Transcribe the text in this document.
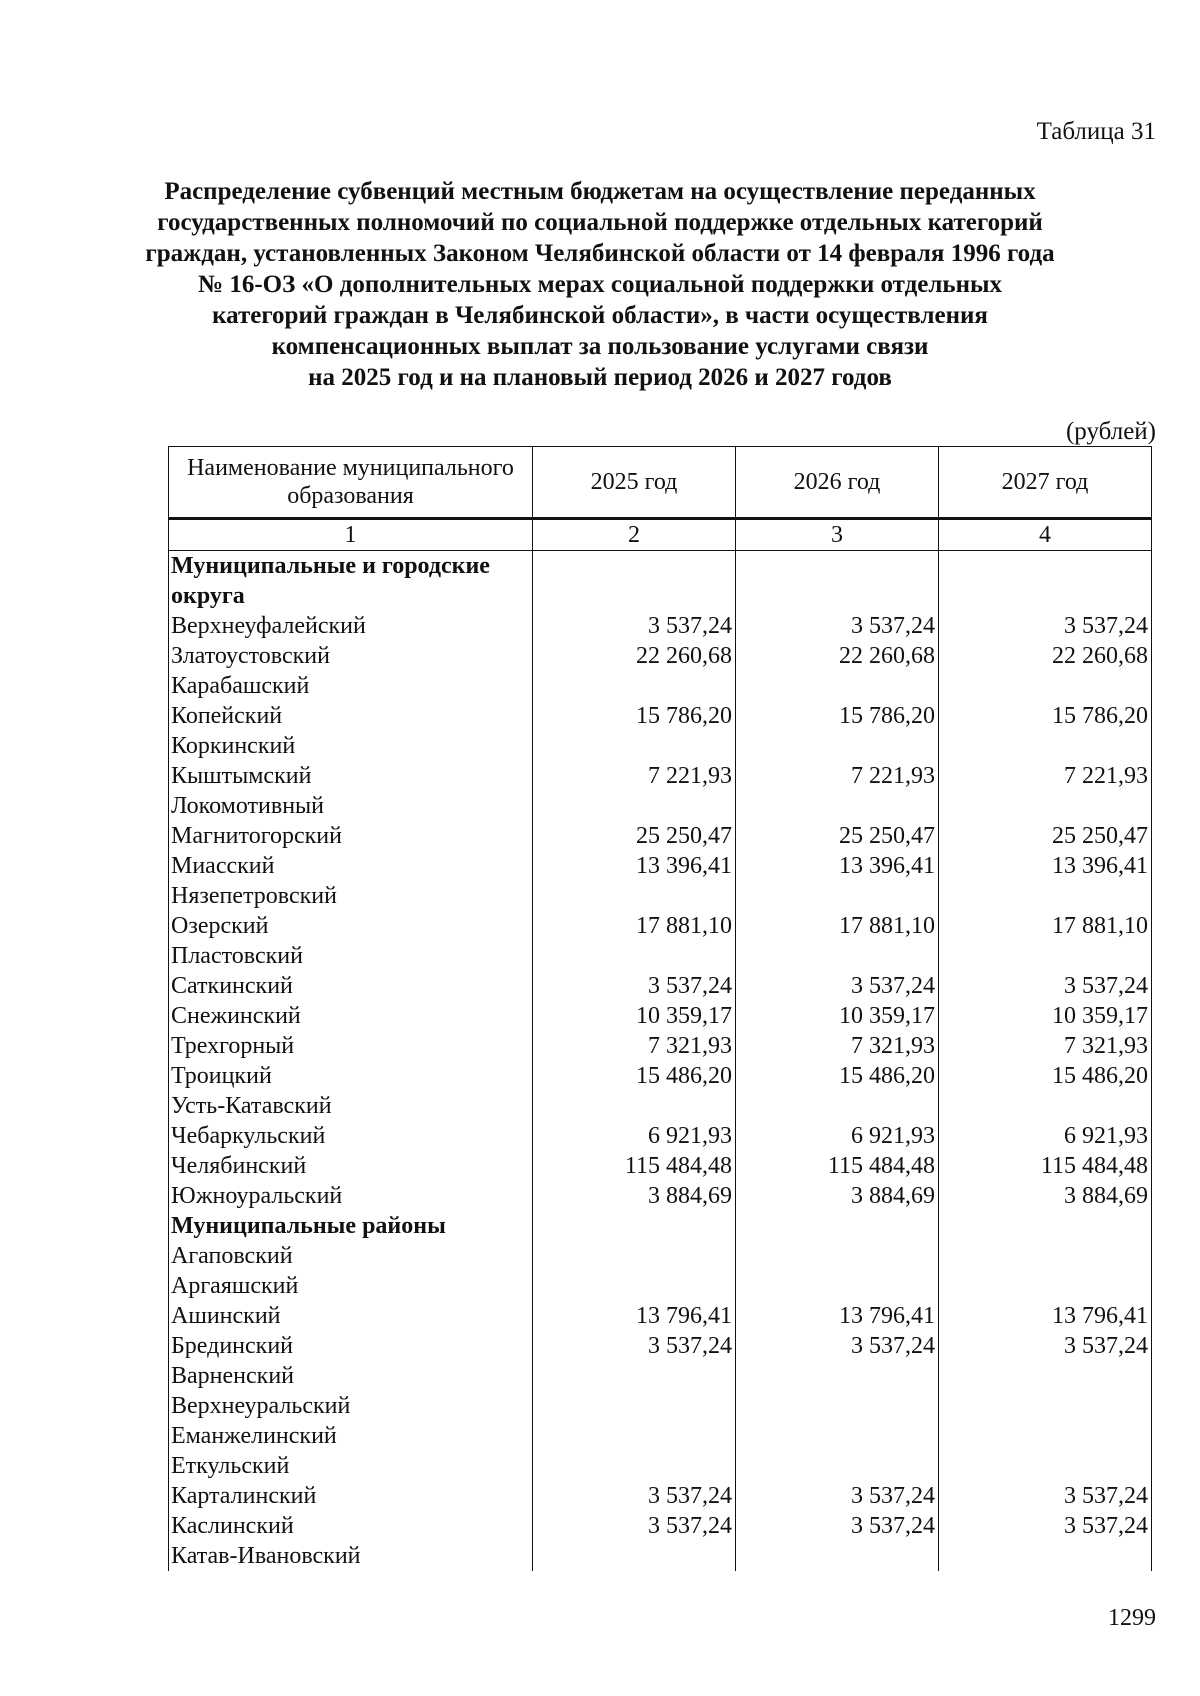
Таблица 31
Распределение субвенций местным бюджетам на осуществление переданных
государственных полномочий по социальной поддержке отдельных категорий
граждан, установленных Законом Челябинской области от 14 февраля 1996 года
№ 16-ОЗ «О дополнительных мерах социальной поддержки отдельных
категорий граждан в Челябинской области», в части осуществления
компенсационных выплат за пользование услугами связи
на 2025 год и на плановый период 2026 и 2027 годов
(рублей)
Наименование муниципального образования	2025 год	2026 год	2027 год
1	2	3	4
Муниципальные и городские округа			
Верхнеуфалейский	3 537,24	3 537,24	3 537,24
Златоустовский	22 260,68	22 260,68	22 260,68
Карабашский			
Копейский	15 786,20	15 786,20	15 786,20
Коркинский			
Кыштымский	7 221,93	7 221,93	7 221,93
Локомотивный			
Магнитогорский	25 250,47	25 250,47	25 250,47
Миасский	13 396,41	13 396,41	13 396,41
Нязепетровский			
Озерский	17 881,10	17 881,10	17 881,10
Пластовский			
Саткинский	3 537,24	3 537,24	3 537,24
Снежинский	10 359,17	10 359,17	10 359,17
Трехгорный	7 321,93	7 321,93	7 321,93
Троицкий	15 486,20	15 486,20	15 486,20
Усть-Катавский			
Чебаркульский	6 921,93	6 921,93	6 921,93
Челябинский	115 484,48	115 484,48	115 484,48
Южноуральский	3 884,69	3 884,69	3 884,69
Муниципальные районы			
Агаповский			
Аргаяшский			
Ашинский	13 796,41	13 796,41	13 796,41
Брединский	3 537,24	3 537,24	3 537,24
Варненский			
Верхнеуральский			
Еманжелинский			
Еткульский			
Карталинский	3 537,24	3 537,24	3 537,24
Каслинский	3 537,24	3 537,24	3 537,24
Катав-Ивановский			
1299
